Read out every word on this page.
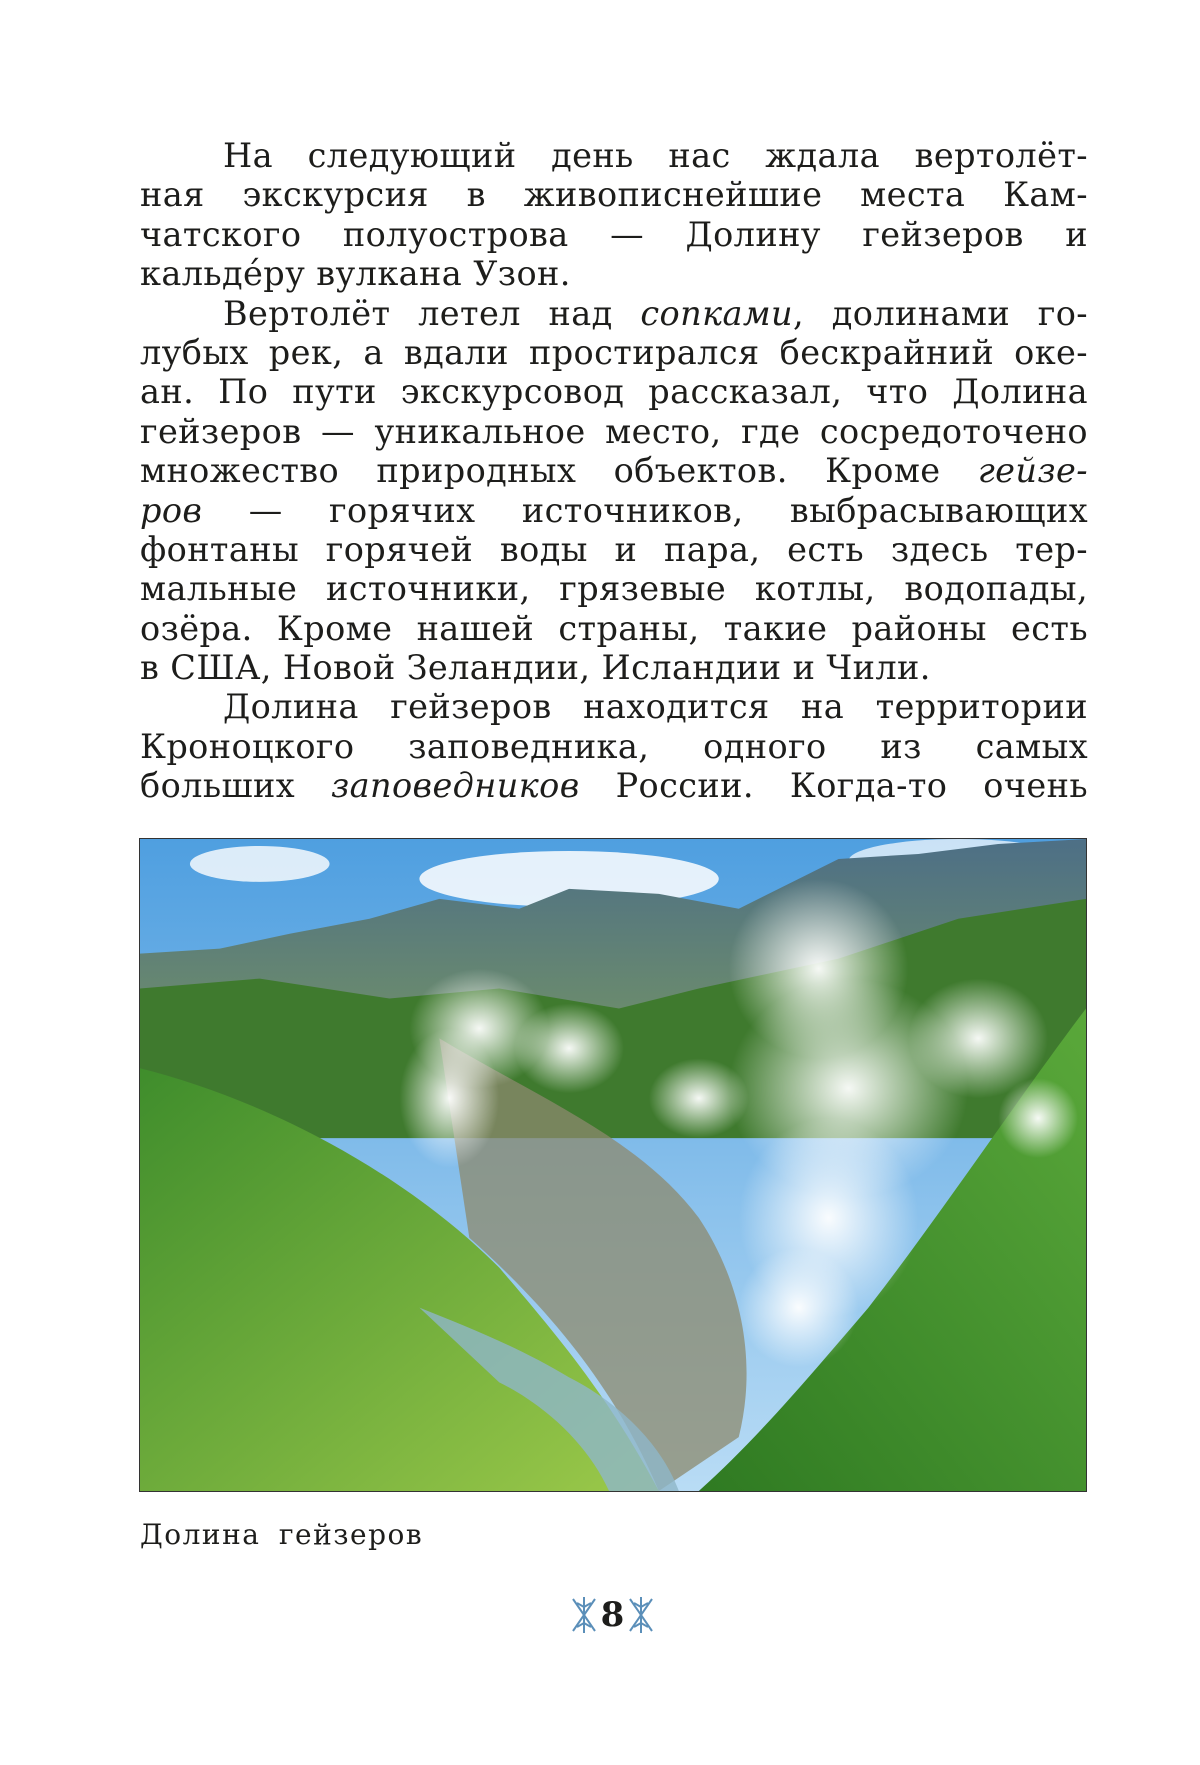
На следующий день нас ждала вертолёт-
ная экскурсия в живописнейшие места Кам-
чатского полуострова — Долину гейзеров и
кальде́ру вулкана Узон.
Вертолёт летел над сопками, долинами го-
лубых рек, а вдали простирался бескрайний оке-
ан. По пути экскурсовод рассказал, что Долина
гейзеров — уникальное место, где сосредоточено
множество природных объектов. Кроме гейзе-
ров — горячих источников, выбрасывающих
фонтаны горячей воды и пара, есть здесь тер-
мальные источники, грязевые котлы, водопады,
озёра. Кроме нашей страны, такие районы есть
в США, Новой Зеландии, Исландии и Чили.
Долина гейзеров находится на территории
Кроноцкого заповедника, одного из самых
больших заповедников России. Когда-то очень
Долина гейзеров
8
